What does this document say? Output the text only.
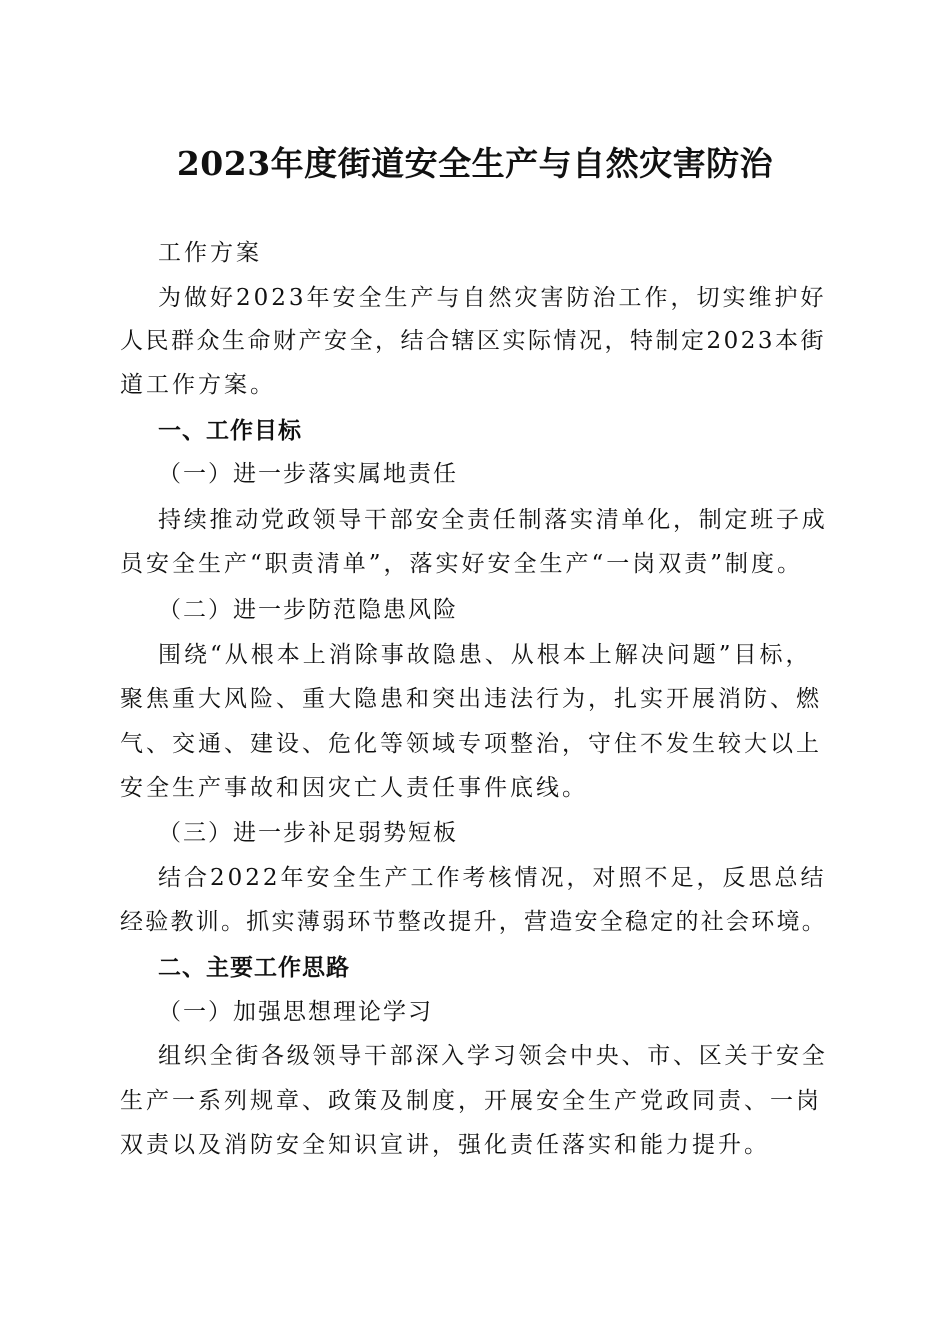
2023年度街道安全生产与自然灾害防治
工作方案
为做好2023年安全生产与自然灾害防治工作，切实维护好
人民群众生命财产安全，结合辖区实际情况，特制定2023本街
道工作方案。
一、工作目标
（一）进一步落实属地责任
持续推动党政领导干部安全责任制落实清单化，制定班子成
员安全生产“职责清单”，落实好安全生产“一岗双责”制度。
（二）进一步防范隐患风险
围绕“从根本上消除事故隐患、从根本上解决问题”目标，
聚焦重大风险、重大隐患和突出违法行为，扎实开展消防、燃
气、交通、建设、危化等领域专项整治，守住不发生较大以上
安全生产事故和因灾亡人责任事件底线。
（三）进一步补足弱势短板
结合2022年安全生产工作考核情况，对照不足，反思总结
经验教训。抓实薄弱环节整改提升，营造安全稳定的社会环境。
二、主要工作思路
（一）加强思想理论学习
组织全街各级领导干部深入学习领会中央、市、区关于安全
生产一系列规章、政策及制度，开展安全生产党政同责、一岗
双责以及消防安全知识宣讲，强化责任落实和能力提升。
